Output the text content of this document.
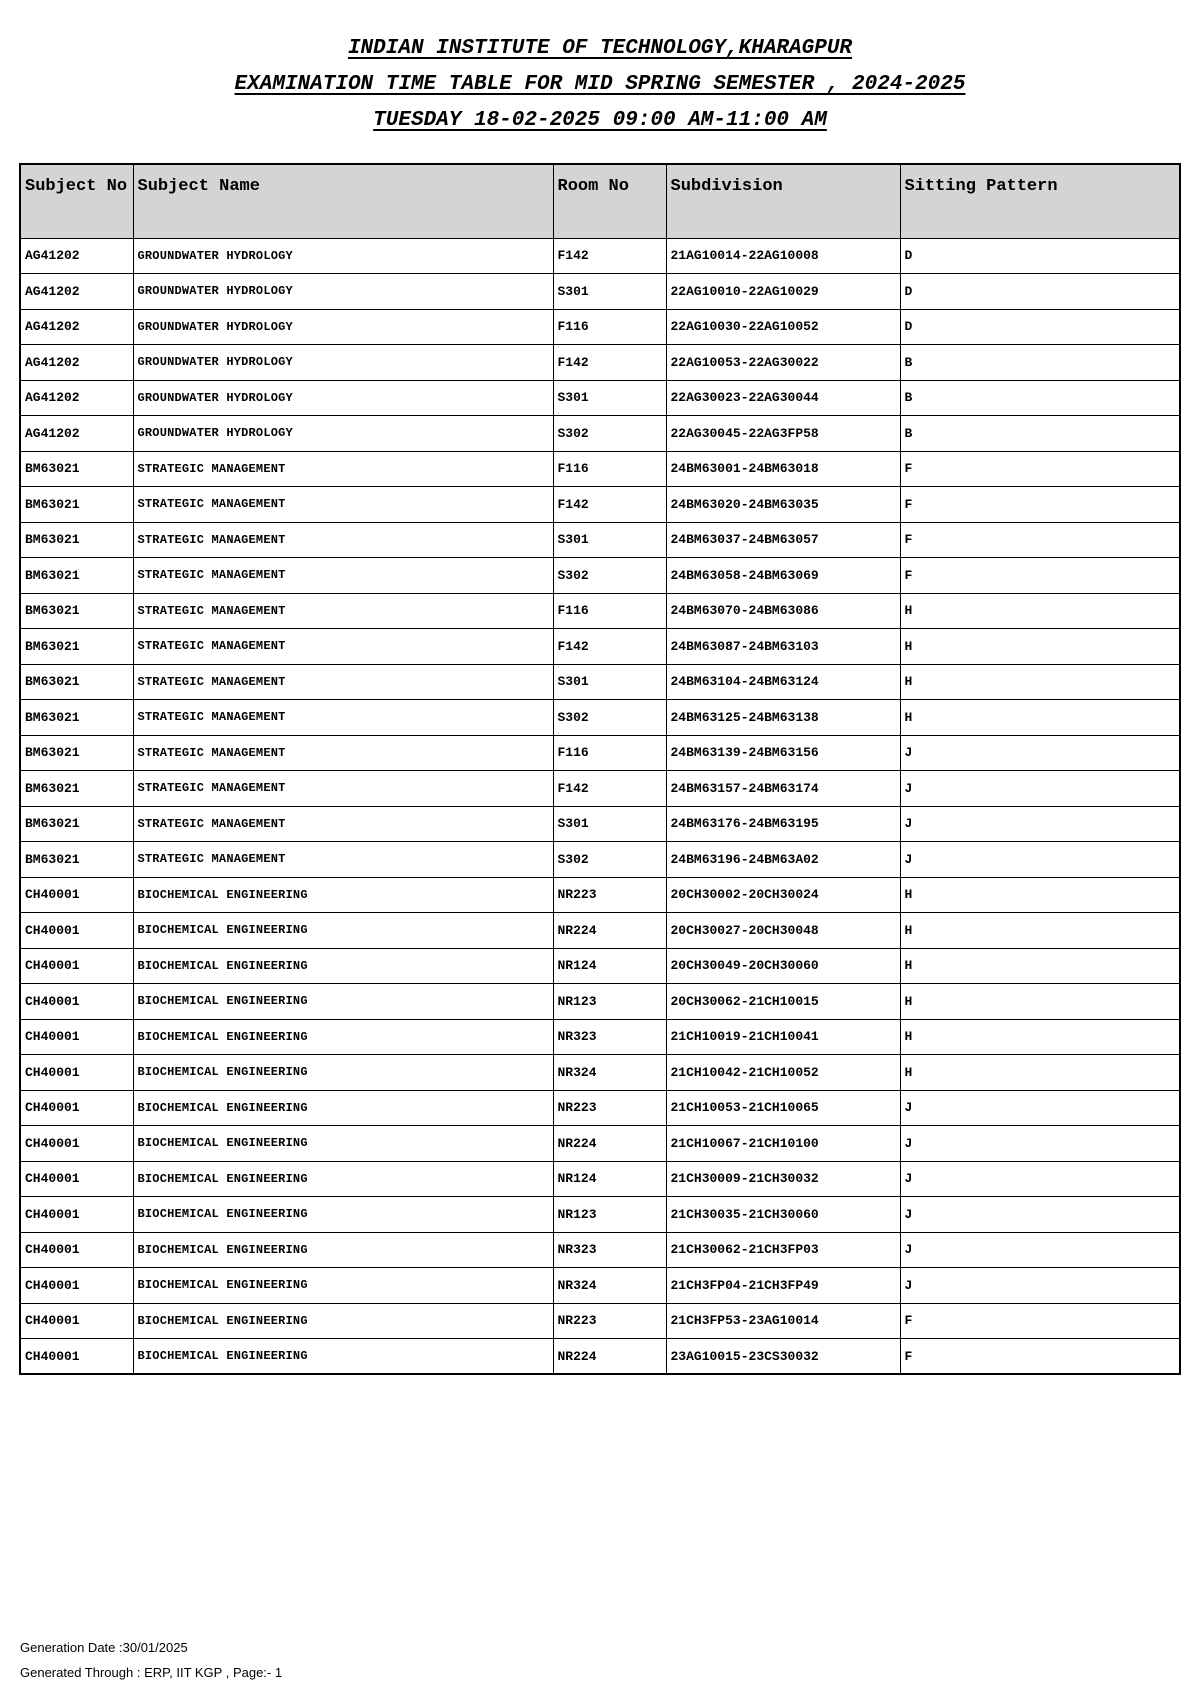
INDIAN INSTITUTE OF TECHNOLOGY,KHARAGPUR
EXAMINATION TIME TABLE FOR MID SPRING SEMESTER , 2024-2025
TUESDAY 18-02-2025 09:00 AM-11:00 AM
Subject No	Subject Name	Room No	Subdivision	Sitting Pattern
AG41202	GROUNDWATER HYDROLOGY	F142	21AG10014-22AG10008	D
AG41202	GROUNDWATER HYDROLOGY	S301	22AG10010-22AG10029	D
AG41202	GROUNDWATER HYDROLOGY	F116	22AG10030-22AG10052	D
AG41202	GROUNDWATER HYDROLOGY	F142	22AG10053-22AG30022	B
AG41202	GROUNDWATER HYDROLOGY	S301	22AG30023-22AG30044	B
AG41202	GROUNDWATER HYDROLOGY	S302	22AG30045-22AG3FP58	B
BM63021	STRATEGIC MANAGEMENT	F116	24BM63001-24BM63018	F
BM63021	STRATEGIC MANAGEMENT	F142	24BM63020-24BM63035	F
BM63021	STRATEGIC MANAGEMENT	S301	24BM63037-24BM63057	F
BM63021	STRATEGIC MANAGEMENT	S302	24BM63058-24BM63069	F
BM63021	STRATEGIC MANAGEMENT	F116	24BM63070-24BM63086	H
BM63021	STRATEGIC MANAGEMENT	F142	24BM63087-24BM63103	H
BM63021	STRATEGIC MANAGEMENT	S301	24BM63104-24BM63124	H
BM63021	STRATEGIC MANAGEMENT	S302	24BM63125-24BM63138	H
BM63021	STRATEGIC MANAGEMENT	F116	24BM63139-24BM63156	J
BM63021	STRATEGIC MANAGEMENT	F142	24BM63157-24BM63174	J
BM63021	STRATEGIC MANAGEMENT	S301	24BM63176-24BM63195	J
BM63021	STRATEGIC MANAGEMENT	S302	24BM63196-24BM63A02	J
CH40001	BIOCHEMICAL ENGINEERING	NR223	20CH30002-20CH30024	H
CH40001	BIOCHEMICAL ENGINEERING	NR224	20CH30027-20CH30048	H
CH40001	BIOCHEMICAL ENGINEERING	NR124	20CH30049-20CH30060	H
CH40001	BIOCHEMICAL ENGINEERING	NR123	20CH30062-21CH10015	H
CH40001	BIOCHEMICAL ENGINEERING	NR323	21CH10019-21CH10041	H
CH40001	BIOCHEMICAL ENGINEERING	NR324	21CH10042-21CH10052	H
CH40001	BIOCHEMICAL ENGINEERING	NR223	21CH10053-21CH10065	J
CH40001	BIOCHEMICAL ENGINEERING	NR224	21CH10067-21CH10100	J
CH40001	BIOCHEMICAL ENGINEERING	NR124	21CH30009-21CH30032	J
CH40001	BIOCHEMICAL ENGINEERING	NR123	21CH30035-21CH30060	J
CH40001	BIOCHEMICAL ENGINEERING	NR323	21CH30062-21CH3FP03	J
CH40001	BIOCHEMICAL ENGINEERING	NR324	21CH3FP04-21CH3FP49	J
CH40001	BIOCHEMICAL ENGINEERING	NR223	21CH3FP53-23AG10014	F
CH40001	BIOCHEMICAL ENGINEERING	NR224	23AG10015-23CS30032	F
Generation Date :30/01/2025
Generated Through : ERP, IIT KGP , Page:- 1
